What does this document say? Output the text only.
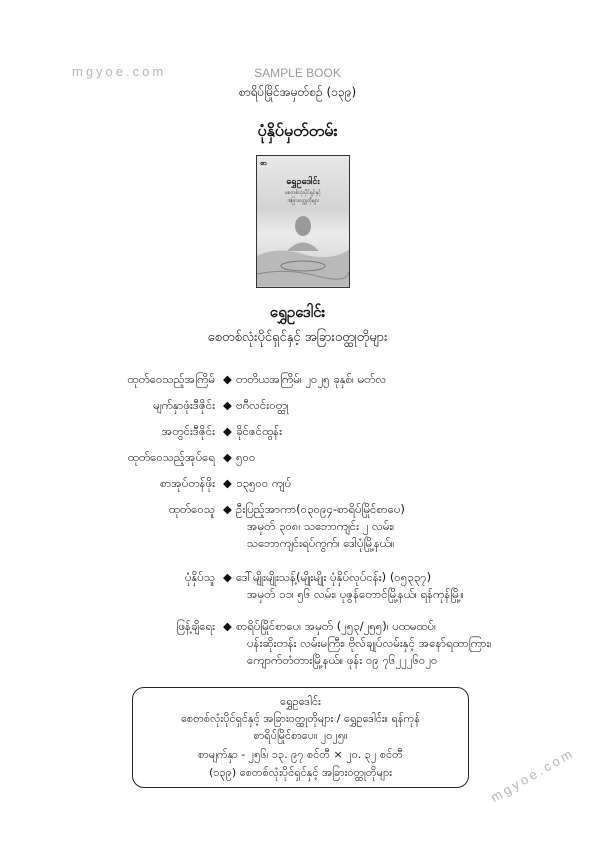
mgyoe.com
mgyoe.com
SAMPLE BOOK
စာရိပ်မြိုင်အမှတ်စဉ် (၁၃၉)
ပုံနှိပ်မှတ်တမ်း
စာ
ရွှေဥဒေါင်း
စေတစ်လုံးပိုင်ရှင်နှင့်
အခြားဝတ္ထုတိုများ
ရွှေဥဒေါင်း
စေတစ်လုံးပိုင်ရှင်နှင့် အခြားဝတ္ထုတိုများ
ထုတ်ဝေသည့်အကြိမ် ◆ တတိယအကြိမ်၊ ၂၀၂၅ ခုနှစ်၊ မတ်လ
မျက်နှာဖုံးဒီဇိုင်း ◆ ဗဂီလင်းဝတ္ထု
အတွင်းဒီဇိုင်း ◆ ခိုင်ဇင်ထွန်း
ထုတ်ဝေသည့်အုပ်ရေ ◆ ၅၀၀
စာအုပ်တန်ဖိုး ◆ ၁၃၅၀၀ ကျပ်
ထုတ်ဝေသူ ◆ ဦးပြည့်အာကာ(၀၃၀၉၄-စာရိပ်မြိုင်စာပေ)
အမှတ် ၃၀၈၊ သဘောကျင်း ၂ လမ်း၊
သဘောကျင်းရပ်ကွက်၊ ဒေါပုံမြို့နယ်။
ပုံနှိပ်သူ ◆ ဒေါ်မျိုးမျိုးသန့်(မျိုးမျိုး ပုံနှိပ်လုပ်ငန်း) (၀၅၃၃၇)
အမှတ် ၁၁၊ ၅၆ လမ်း၊ ပုဇွန်တောင်မြို့နယ်၊ ရန်ကုန်မြို့။
ဖြန့်ချိရေး ◆ စာရိပ်မြိုင်စာပေ၊ အမှတ် (၂၅၃/၂၅၅)၊ ပထမထပ်၊
ပန်းဆိုးတန်း လမ်းမကြီး၊ ဗိုလ်ချုပ်လမ်းနှင့် အနော်ရထာကြား၊
ကျောက်တံတားမြို့နယ်။ ဖုန်း ၀၉ ၇၆၂၂၂၆၀၂၀
ရွှေဥဒေါင်း
စေတစ်လုံးပိုင်ရှင်နှင့် အခြားဝတ္ထုတိုများ / ရွှေဥဒေါင်း။ ရန်ကုန်
စာရိပ်မြိုင်စာပေ။ ၂၀၂၅။
စာမျက်နှာ - ၂၅၆၊ ၁၃. ၉၇ စင်တီ × ၂၀. ၃၂ စင်တီ
(၁၃၉) စေတစ်လုံးပိုင်ရှင်နှင့် အခြားဝတ္ထုတိုများ
